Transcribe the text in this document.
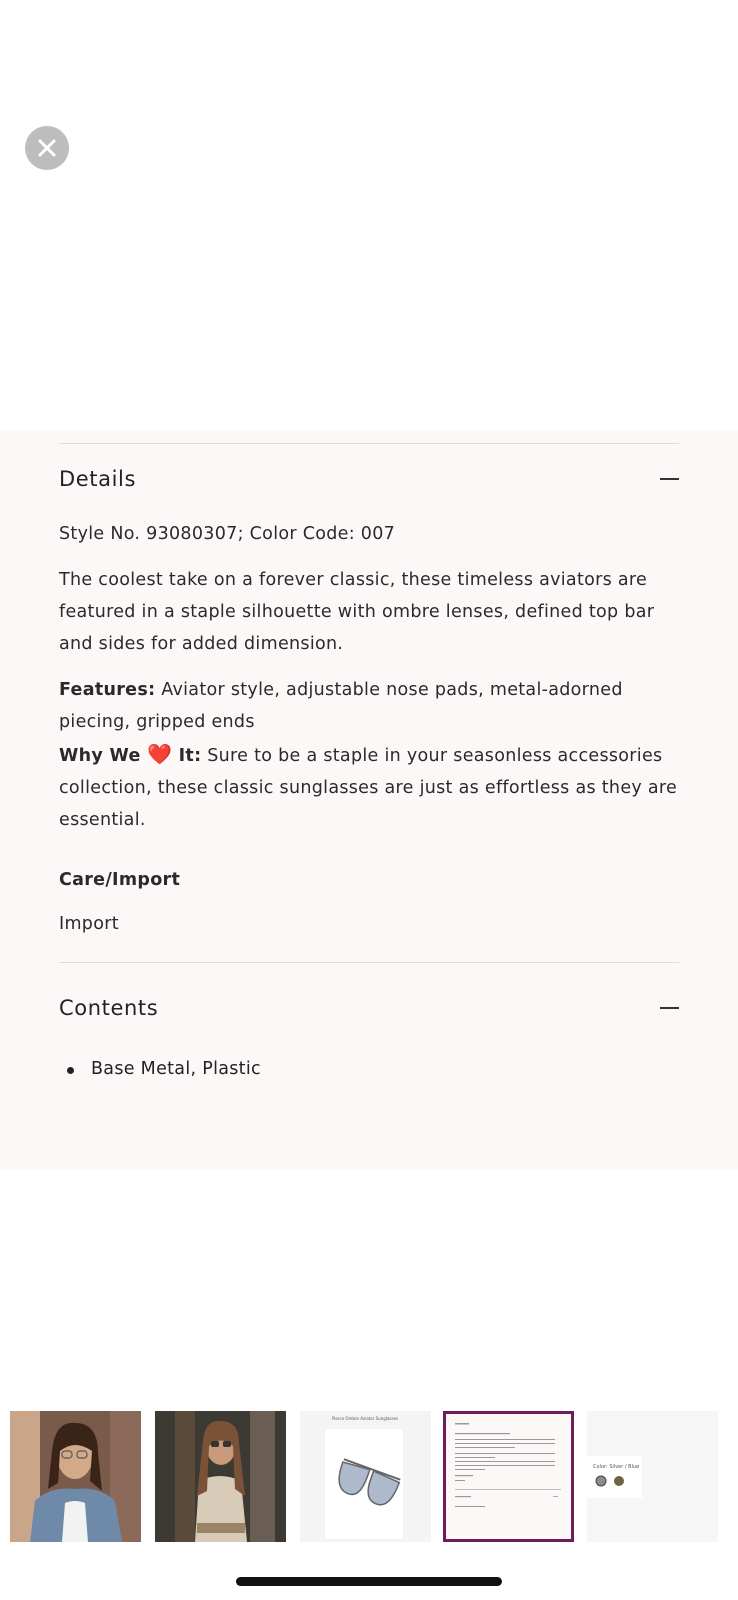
Details

Style No. 93080307; Color Code: 007

The coolest take on a forever classic, these timeless aviators are featured in a staple silhouette with ombre lenses, defined top bar and sides for added dimension.

Features: Aviator style, adjustable nose pads, metal-adorned piecing, gripped ends

Why We ❤️ It: Sure to be a staple in your seasonless accessories collection, these classic sunglasses are just as effortless as they are essential.

Care/Import

Import

Contents
Base Metal, Plastic
Pierce Ombre Aviator Sunglasses
Color: Silver / Blue
